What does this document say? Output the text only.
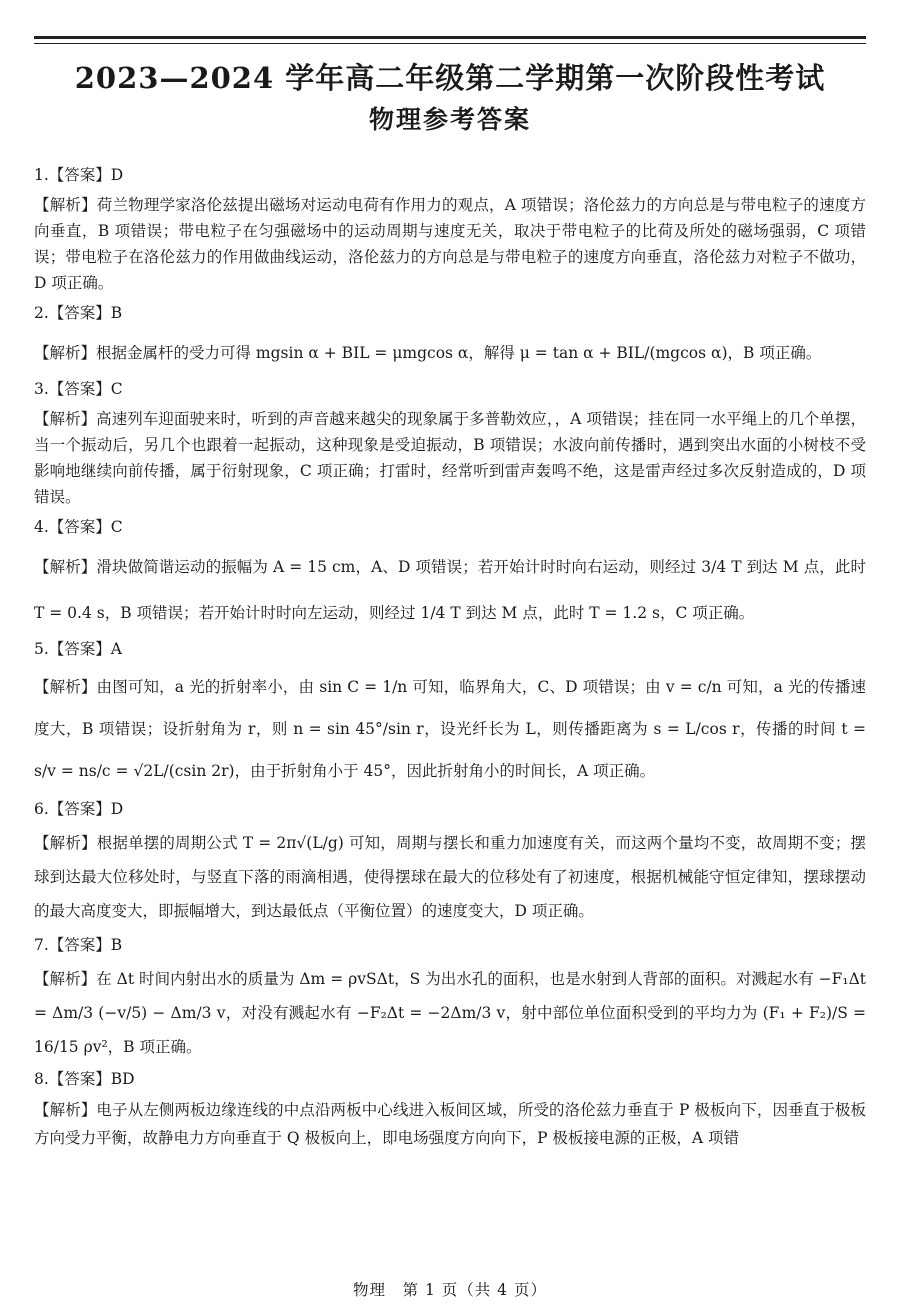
2023—2024 学年高二年级第二学期第一次阶段性考试
物理参考答案
1.【答案】D
【解析】荷兰物理学家洛伦兹提出磁场对运动电荷有作用力的观点，A 项错误；洛伦兹力的方向总是与带电粒子的速度方向垂直，B 项错误；带电粒子在匀强磁场中的运动周期与速度无关，取决于带电粒子的比荷及所处的磁场强弱，C 项错误；带电粒子在洛伦兹力的作用做曲线运动，洛伦兹力的方向总是与带电粒子的速度方向垂直，洛伦兹力对粒子不做功，D 项正确。
2.【答案】B
【解析】根据金属杆的受力可得 mgsin α + BIL = μmgcos α，解得 μ = tan α + BIL/(mgcos α)，B 项正确。
3.【答案】C
【解析】高速列车迎面驶来时，听到的声音越来越尖的现象属于多普勒效应，，A 项错误；挂在同一水平绳上的几个单摆，当一个振动后，另几个也跟着一起振动，这种现象是受迫振动，B 项错误；水波向前传播时，遇到突出水面的小树枝不受影响地继续向前传播，属于衍射现象，C 项正确；打雷时，经常听到雷声轰鸣不绝，这是雷声经过多次反射造成的，D 项错误。
4.【答案】C
【解析】滑块做简谐运动的振幅为 A = 15 cm，A、D 项错误；若开始计时时向右运动，则经过 3/4 T 到达 M 点，此时 T = 0.4 s，B 项错误；若开始计时时向左运动，则经过 1/4 T 到达 M 点，此时 T = 1.2 s，C 项正确。
5.【答案】A
【解析】由图可知，a 光的折射率小，由 sin C = 1/n 可知，临界角大，C、D 项错误；由 v = c/n 可知，a 光的传播速度大，B 项错误；设折射角为 r，则 n = sin 45°/sin r，设光纤长为 L，则传播距离为 s = L/cos r，传播的时间 t = s/v = ns/c = √2L/(csin 2r)，由于折射角小于 45°，因此折射角小的时间长，A 项正确。
6.【答案】D
【解析】根据单摆的周期公式 T = 2π√(L/g) 可知，周期与摆长和重力加速度有关，而这两个量均不变，故周期不变；摆球到达最大位移处时，与竖直下落的雨滴相遇，使得摆球在最大的位移处有了初速度，根据机械能守恒定律知，摆球摆动的最大高度变大，即振幅增大，到达最低点（平衡位置）的速度变大，D 项正确。
7.【答案】B
【解析】在 Δt 时间内射出水的质量为 Δm = ρvSΔt，S 为出水孔的面积，也是水射到人背部的面积。对溅起水有 −F₁Δt = Δm/3 (−v/5) − Δm/3 v，对没有溅起水有 −F₂Δt = −2Δm/3 v，射中部位单位面积受到的平均力为 (F₁ + F₂)/S = 16/15 ρv²，B 项正确。
8.【答案】BD
【解析】电子从左侧两板边缘连线的中点沿两板中心线进入板间区域，所受的洛伦兹力垂直于 P 极板向下，因垂直于极板方向受力平衡，故静电力方向垂直于 Q 极板向上，即电场强度方向向下，P 极板接电源的正极，A 项错
物理　第 1 页（共 4 页）
